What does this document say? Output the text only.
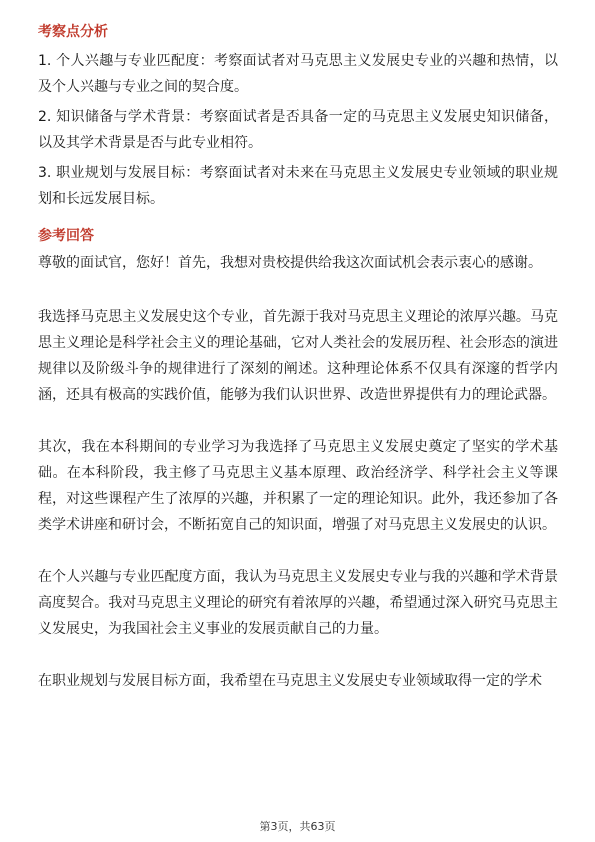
考察点分析
1. 个人兴趣与专业匹配度：考察面试者对马克思主义发展史专业的兴趣和热情，以及个人兴趣与专业之间的契合度。
2. 知识储备与学术背景：考察面试者是否具备一定的马克思主义发展史知识储备，以及其学术背景是否与此专业相符。
3. 职业规划与发展目标：考察面试者对未来在马克思主义发展史专业领域的职业规划和长远发展目标。
参考回答
尊敬的面试官，您好！首先，我想对贵校提供给我这次面试机会表示衷心的感谢。
我选择马克思主义发展史这个专业，首先源于我对马克思主义理论的浓厚兴趣。马克思主义理论是科学社会主义的理论基础，它对人类社会的发展历程、社会形态的演进规律以及阶级斗争的规律进行了深刻的阐述。这种理论体系不仅具有深邃的哲学内涵，还具有极高的实践价值，能够为我们认识世界、改造世界提供有力的理论武器。
其次，我在本科期间的专业学习为我选择了马克思主义发展史奠定了坚实的学术基础。在本科阶段，我主修了马克思主义基本原理、政治经济学、科学社会主义等课程，对这些课程产生了浓厚的兴趣，并积累了一定的理论知识。此外，我还参加了各类学术讲座和研讨会，不断拓宽自己的知识面，增强了对马克思主义发展史的认识。
在个人兴趣与专业匹配度方面，我认为马克思主义发展史专业与我的兴趣和学术背景高度契合。我对马克思主义理论的研究有着浓厚的兴趣，希望通过深入研究马克思主义发展史，为我国社会主义事业的发展贡献自己的力量。
在职业规划与发展目标方面，我希望在马克思主义发展史专业领域取得一定的学术
第3页，共63页
